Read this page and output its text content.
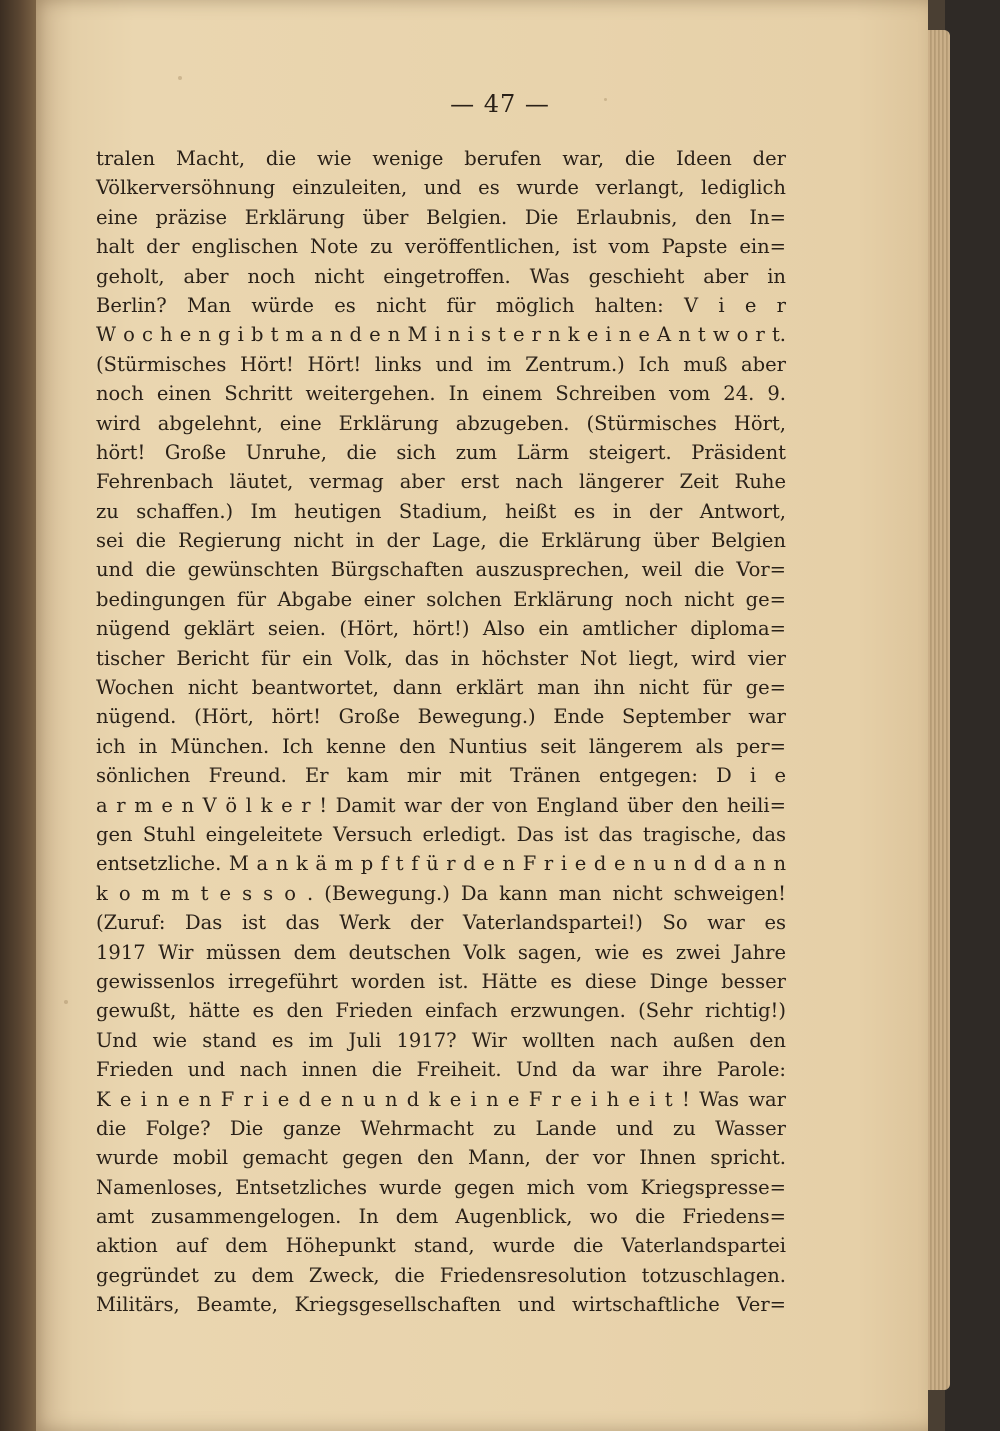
— 47 —
tralen Macht, die wie wenige berufen war, die Ideen der
Völkerversöhnung einzuleiten, und es wurde verlangt, lediglich
eine präzise Erklärung über Belgien. Die Erlaubnis, den In=
halt der englischen Note zu veröffentlichen, ist vom Papste ein=
geholt, aber noch nicht eingetroffen. Was geschieht aber in
Berlin? Man würde es nicht für möglich halten: V i e r
W o c h e n g i b t m a n d e n M i n i s t e r n k e i n e A n t w o r t.
(Stürmisches Hört! Hört! links und im Zentrum.) Ich muß aber
noch einen Schritt weitergehen. In einem Schreiben vom 24. 9.
wird abgelehnt, eine Erklärung abzugeben. (Stürmisches Hört,
hört! Große Unruhe, die sich zum Lärm steigert. Präsident
Fehrenbach läutet, vermag aber erst nach längerer Zeit Ruhe
zu schaffen.) Im heutigen Stadium, heißt es in der Antwort,
sei die Regierung nicht in der Lage, die Erklärung über Belgien
und die gewünschten Bürgschaften auszusprechen, weil die Vor=
bedingungen für Abgabe einer solchen Erklärung noch nicht ge=
nügend geklärt seien. (Hört, hört!) Also ein amtlicher diploma=
tischer Bericht für ein Volk, das in höchster Not liegt, wird vier
Wochen nicht beantwortet, dann erklärt man ihn nicht für ge=
nügend. (Hört, hört! Große Bewegung.) Ende September war
ich in München. Ich kenne den Nuntius seit längerem als per=
sönlichen Freund. Er kam mir mit Tränen entgegen: D i e
a r m e n V ö l k e r ! Damit war der von England über den heili=
gen Stuhl eingeleitete Versuch erledigt. Das ist das tragische, das
entsetzliche. M a n k ä m p f t f ü r d e n F r i e d e n u n d d a n n
k o m m t e s s o . (Bewegung.) Da kann man nicht schweigen!
(Zuruf: Das ist das Werk der Vaterlandspartei!) So war es
1917 Wir müssen dem deutschen Volk sagen, wie es zwei Jahre
gewissenlos irregeführt worden ist. Hätte es diese Dinge besser
gewußt, hätte es den Frieden einfach erzwungen. (Sehr richtig!)
Und wie stand es im Juli 1917? Wir wollten nach außen den
Frieden und nach innen die Freiheit. Und da war ihre Parole:
K e i n e n F r i e d e n u n d k e i n e F r e i h e i t ! Was war
die Folge? Die ganze Wehrmacht zu Lande und zu Wasser
wurde mobil gemacht gegen den Mann, der vor Ihnen spricht.
Namenloses, Entsetzliches wurde gegen mich vom Kriegspresse=
amt zusammengelogen. In dem Augenblick, wo die Friedens=
aktion auf dem Höhepunkt stand, wurde die Vaterlandspartei
gegründet zu dem Zweck, die Friedensresolution totzuschlagen.
Militärs, Beamte, Kriegsgesellschaften und wirtschaftliche Ver=
